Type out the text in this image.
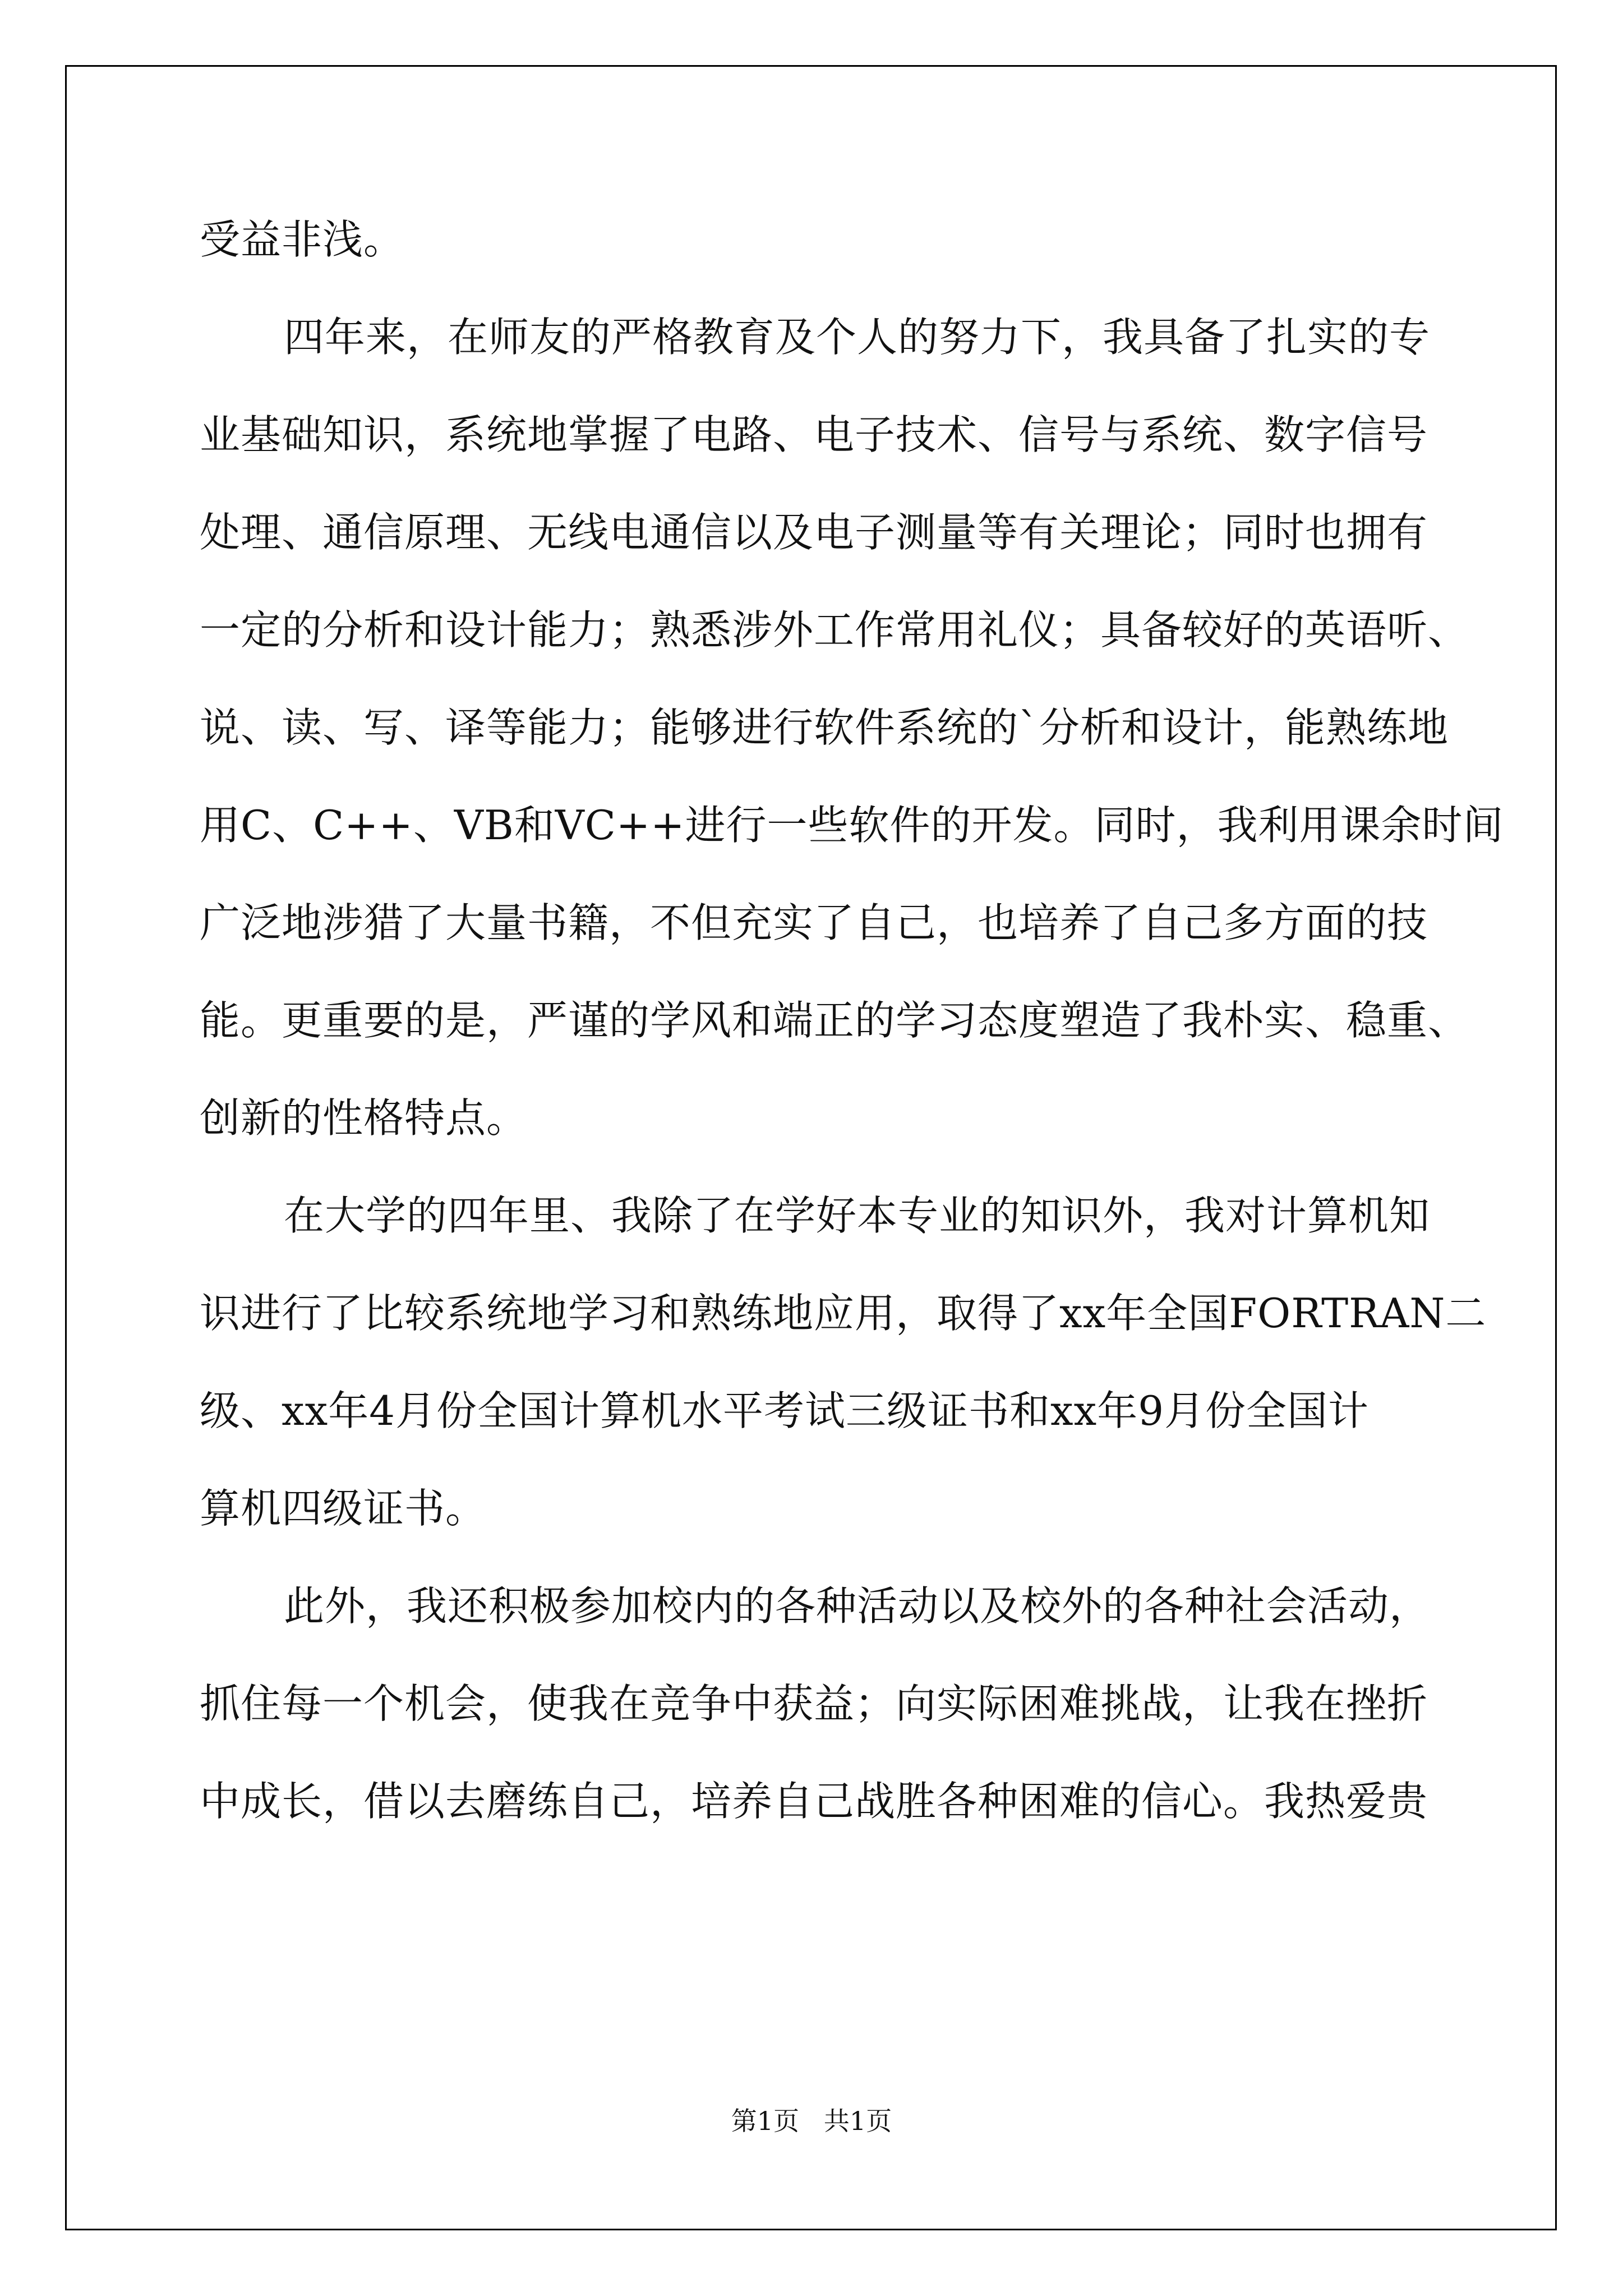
受益非浅。
四年来，在师友的严格教育及个人的努力下，我具备了扎实的专
业基础知识，系统地掌握了电路、电子技术、信号与系统、数字信号
处理、通信原理、无线电通信以及电子测量等有关理论；同时也拥有
一定的分析和设计能力；熟悉涉外工作常用礼仪；具备较好的英语听、
说、读、写、译等能力；能够进行软件系统的`分析和设计，能熟练地
用C、C++、VB和VC++进行一些软件的开发。同时，我利用课余时间
广泛地涉猎了大量书籍，不但充实了自己，也培养了自己多方面的技
能。更重要的是，严谨的学风和端正的学习态度塑造了我朴实、稳重、
创新的性格特点。
在大学的四年里、我除了在学好本专业的知识外，我对计算机知
识进行了比较系统地学习和熟练地应用，取得了xx年全国FORTRAN二
级、xx年4月份全国计算机水平考试三级证书和xx年9月份全国计
算机四级证书。
此外，我还积极参加校内的各种活动以及校外的各种社会活动，
抓住每一个机会，使我在竞争中获益；向实际困难挑战，让我在挫折
中成长，借以去磨练自己，培养自己战胜各种困难的信心。我热爱贵
第1页   共1页
